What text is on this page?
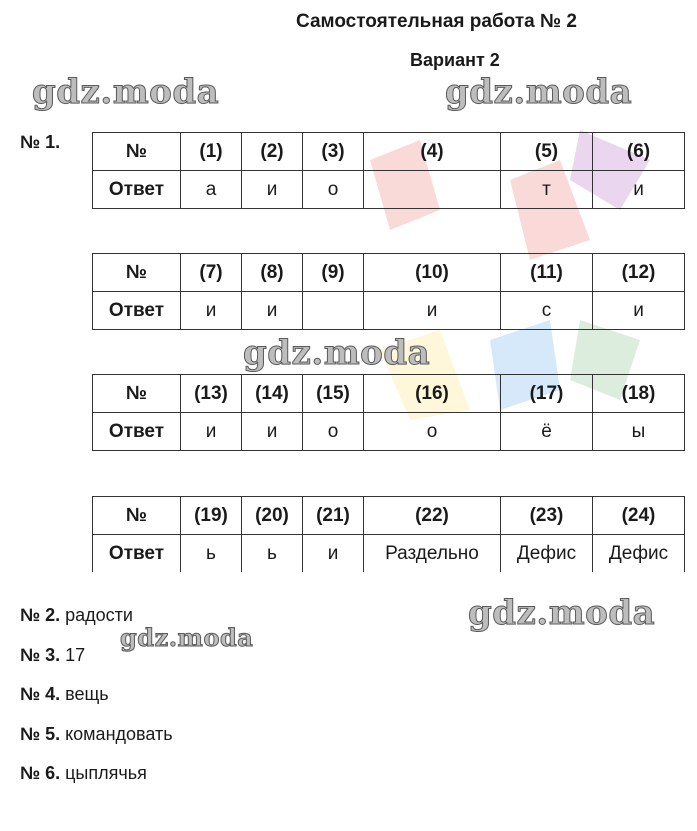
Самостоятельная работа № 2
Вариант 2
gdz.moda	gdz.moda
gdz.moda
gdz.moda
gdz.moda
№ 1.	№	(1)	(2)	(3)	(4)	(5)	(6)
Ответ	а	и	о		т	и
№	(7)	(8)	(9)	(10)	(11)	(12)
Ответ	и	и		и	с	и
№	(13)	(14)	(15)	(16)	(17)	(18)
Ответ	и	и	о	о	ё	ы
№	(19)	(20)	(21)	(22)	(23)	(24)
Ответ	ь	ь	и	Раздельно	Дефис	Дефис
№ 2. радости
№ 3. 17
№ 4. вещь
№ 5. командовать
№ 6. цыплячья
